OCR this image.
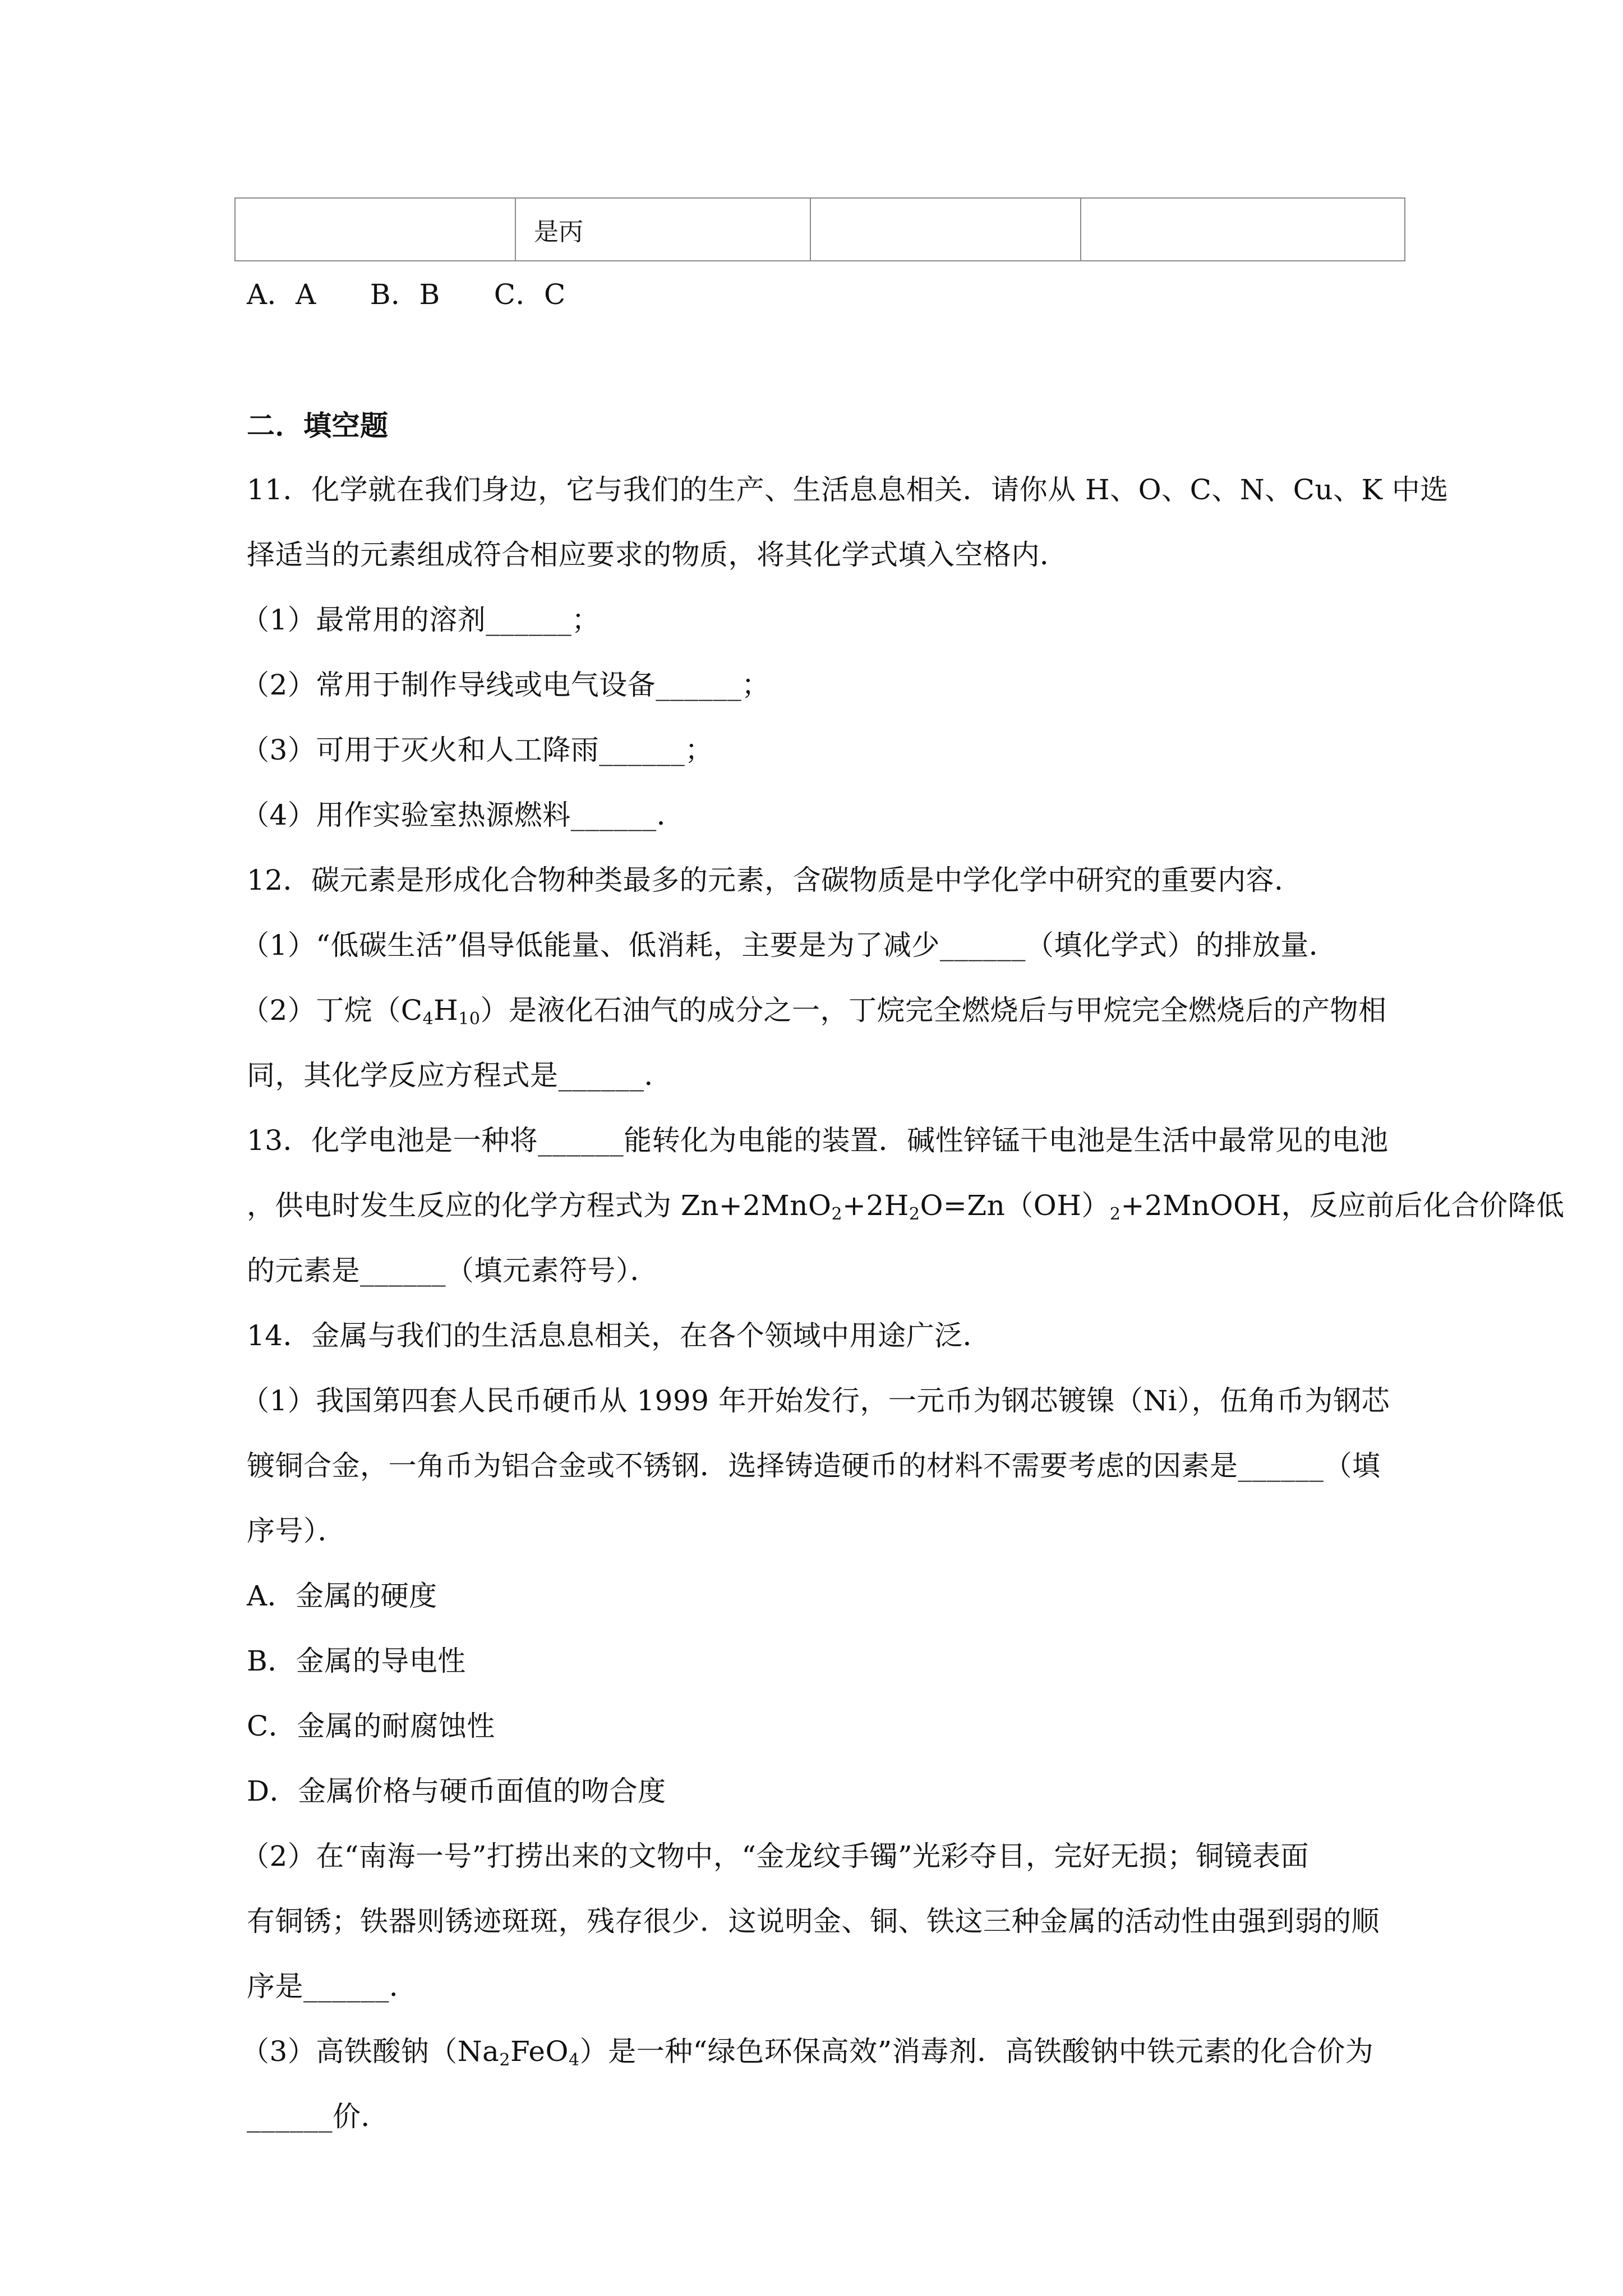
	是丙		
A．A B．B C．C
二．填空题
11．化学就在我们身边，它与我们的生产、生活息息相关．请你从 H、O、C、N、Cu、K 中选
择适当的元素组成符合相应要求的物质，将其化学式填入空格内．
（1）最常用的溶剂______；
（2）常用于制作导线或电气设备______；
（3）可用于灭火和人工降雨______；
（4）用作实验室热源燃料______．
12．碳元素是形成化合物种类最多的元素，含碳物质是中学化学中研究的重要内容．
（1）“低碳生活”倡导低能量、低消耗，主要是为了减少______（填化学式）的排放量．
（2）丁烷$(C_4H_{10})$是液化石油气的成分之一，丁烷完全燃烧后与甲烷完全燃烧后的产物相
同，其化学反应方程式是______．
13．化学电池是一种将______能转化为电能的装置．碱性锌锰干电池是生活中最常见的电池
，供电时发生反应的化学方程式为 $Zn+2MnO_2+2H_2O=Zn(OH)_2+2MnOOH$，反应前后化合价降低
的元素是______（填元素符号）．
14．金属与我们的生活息息相关，在各个领域中用途广泛．
（1）我国第四套人民币硬币从 1999 年开始发行，一元币为钢芯镀镍（Ni），伍角币为钢芯
镀铜合金，一角币为铝合金或不锈钢．选择铸造硬币的材料不需要考虑的因素是______（填
序号）．
A．金属的硬度
B．金属的导电性
C．金属的耐腐蚀性
D．金属价格与硬币面值的吻合度
（2）在“南海一号”打捞出来的文物中，“金龙纹手镯”光彩夺目，完好无损；铜镜表面
有铜锈；铁器则锈迹斑斑，残存很少．这说明金、铜、铁这三种金属的活动性由强到弱的顺
序是______．
（3）高铁酸钠$(Na_2FeO_4)$是一种“绿色环保高效”消毒剂．高铁酸钠中铁元素的化合价为
______价．
